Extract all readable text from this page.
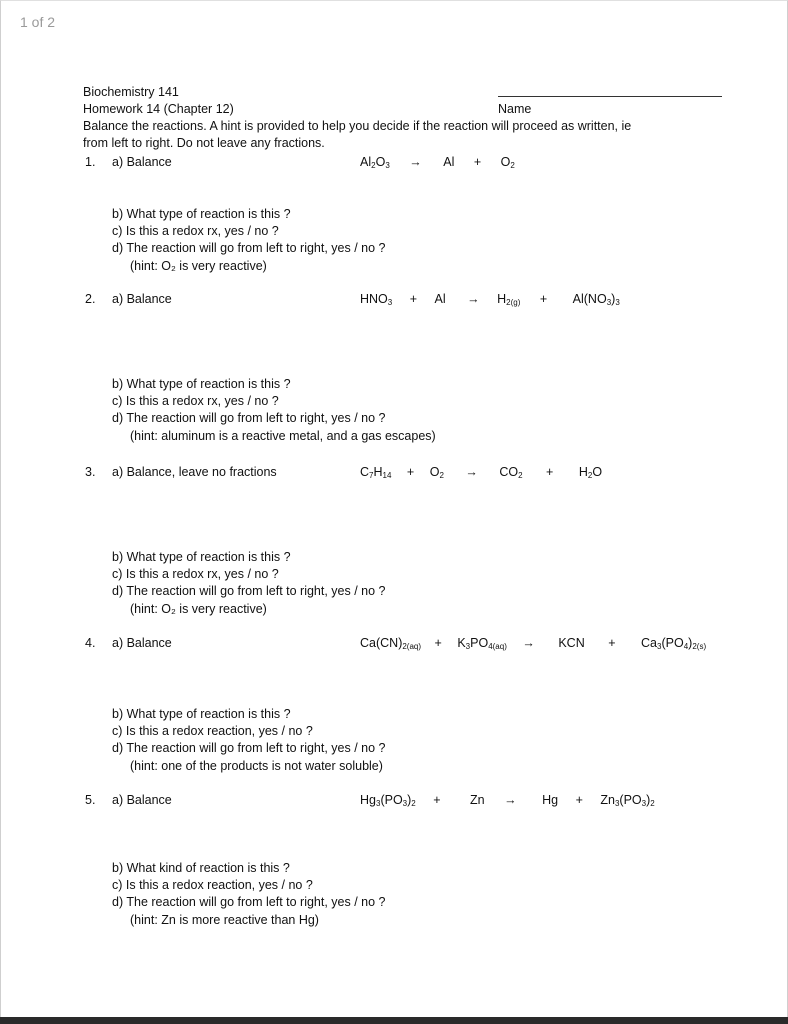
1 of 2
Biochemistry 141
Homework 14 (Chapter 12)	Name
Balance the reactions. A hint is provided to help you decide if the reaction will proceed as written, ie
from left to right. Do not leave any fractions.
1. a) Balance	Al2O3 → Al + O2
b) What type of reaction is this ?
c) Is this a redox rx, yes / no ?
d) The reaction will go from left to right, yes / no ?
(hint: O₂ is very reactive)
2. a) Balance	HNO3 + Al → H2(g) + Al(NO3)3
b) What type of reaction is this ?
c) Is this a redox rx, yes / no ?
d) The reaction will go from left to right, yes / no ?
(hint: aluminum is a reactive metal, and a gas escapes)
3. a) Balance, leave no fractions	C7H14 + O2 → CO2 + H2O
b) What type of reaction is this ?
c) Is this a redox rx, yes / no ?
d) The reaction will go from left to right, yes / no ?
(hint: O₂ is very reactive)
4. a) Balance	Ca(CN)2(aq) + K3PO4(aq) → KCN + Ca3(PO4)2(s)
b) What type of reaction is this ?
c) Is this a redox reaction, yes / no ?
d) The reaction will go from left to right, yes / no ?
(hint: one of the products is not water soluble)
5. a) Balance	Hg3(PO3)2 + Zn → Hg + Zn3(PO3)2
b) What kind of reaction is this ?
c) Is this a redox reaction, yes / no ?
d) The reaction will go from left to right, yes / no ?
(hint: Zn is more reactive than Hg)
